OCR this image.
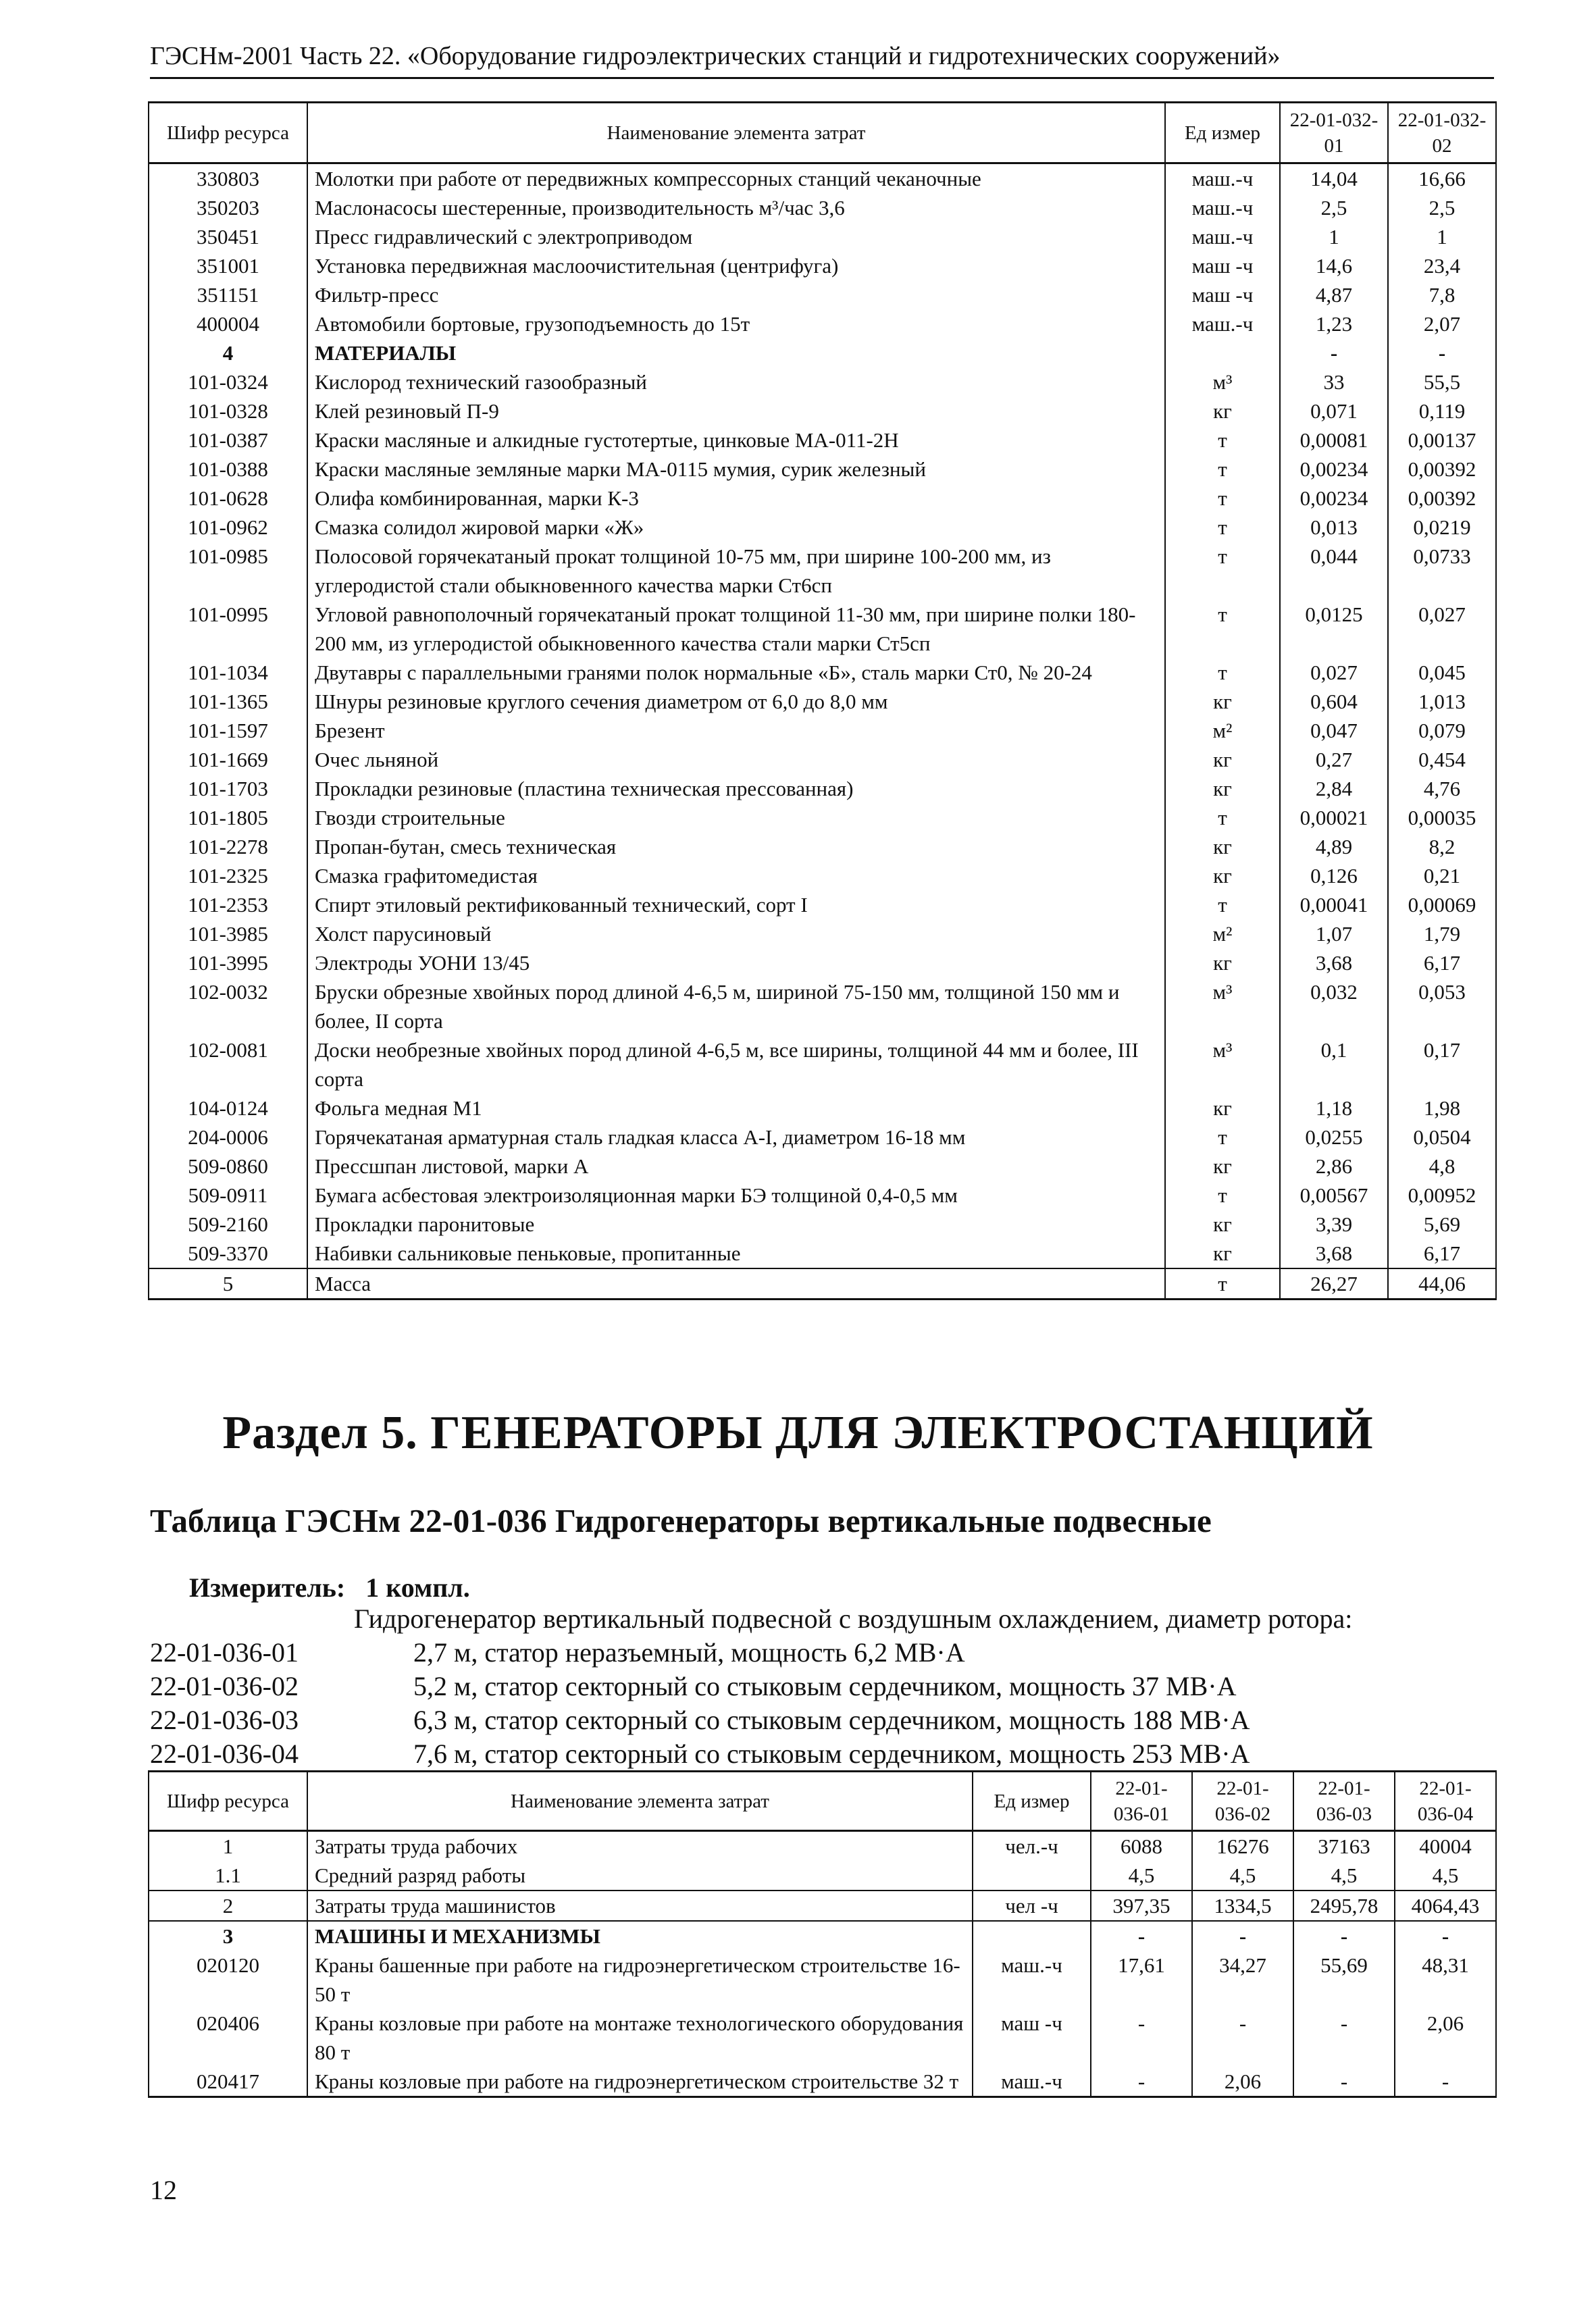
ГЭСНм-2001 Часть 22. «Оборудование гидроэлектрических станций и гидротехнических сооружений»
Шифр ресурса	Наименование элемента затрат	Ед измер	22-01-032-01	22-01-032-02
330803	Молотки при работе от передвижных компрессорных станций чеканочные	маш.-ч	14,04	16,66
350203	Маслонасосы шестеренные, производительность м³/час 3,6	маш.-ч	2,5	2,5
350451	Пресс гидравлический с электроприводом	маш.-ч	1	1
351001	Установка передвижная маслоочистительная (центрифуга)	маш -ч	14,6	23,4
351151	Фильтр-пресс	маш -ч	4,87	7,8
400004	Автомобили бортовые, грузоподъемность до 15т	маш.-ч	1,23	2,07
4	МАТЕРИАЛЫ		-	-
101-0324	Кислород технический газообразный	м³	33	55,5
101-0328	Клей резиновый П-9	кг	0,071	0,119
101-0387	Краски масляные и алкидные густотертые, цинковые МА-011-2Н	т	0,00081	0,00137
101-0388	Краски масляные земляные марки МА-0115 мумия, сурик железный	т	0,00234	0,00392
101-0628	Олифа комбинированная, марки К-3	т	0,00234	0,00392
101-0962	Смазка солидол жировой марки «Ж»	т	0,013	0,0219
101-0985	Полосовой горячекатаный прокат толщиной 10-75 мм, при ширине 100-200 мм, из углеродистой стали обыкновенного качества марки Ст6сп	т	0,044	0,0733
101-0995	Угловой равнополочный горячекатаный прокат толщиной 11-30 мм, при ширине полки 180-200 мм, из углеродистой обыкновенного качества стали марки Ст5сп	т	0,0125	0,027
101-1034	Двутавры с параллельными гранями полок нормальные «Б», сталь марки Ст0, № 20-24	т	0,027	0,045
101-1365	Шнуры резиновые круглого сечения диаметром от 6,0 до 8,0 мм	кг	0,604	1,013
101-1597	Брезент	м²	0,047	0,079
101-1669	Очес льняной	кг	0,27	0,454
101-1703	Прокладки резиновые (пластина техническая прессованная)	кг	2,84	4,76
101-1805	Гвозди строительные	т	0,00021	0,00035
101-2278	Пропан-бутан, смесь техническая	кг	4,89	8,2
101-2325	Смазка графитомедистая	кг	0,126	0,21
101-2353	Спирт этиловый ректификованный технический, сорт I	т	0,00041	0,00069
101-3985	Холст парусиновый	м²	1,07	1,79
101-3995	Электроды УОНИ 13/45	кг	3,68	6,17
102-0032	Бруски обрезные хвойных пород длиной 4-6,5 м, шириной 75-150 мм, толщиной 150 мм и более, II сорта	м³	0,032	0,053
102-0081	Доски необрезные хвойных пород длиной 4-6,5 м, все ширины, толщиной 44 мм и более, III сорта	м³	0,1	0,17
104-0124	Фольга медная М1	кг	1,18	1,98
204-0006	Горячекатаная арматурная сталь гладкая класса А-I, диаметром 16-18 мм	т	0,0255	0,0504
509-0860	Прессшпан листовой, марки А	кг	2,86	4,8
509-0911	Бумага асбестовая электроизоляционная марки БЭ толщиной 0,4-0,5 мм	т	0,00567	0,00952
509-2160	Прокладки паронитовые	кг	3,39	5,69
509-3370	Набивки сальниковые пеньковые, пропитанные	кг	3,68	6,17
5	Масса	т	26,27	44,06
Раздел 5. ГЕНЕРАТОРЫ ДЛЯ ЭЛЕКТРОСТАНЦИЙ
Таблица ГЭСНм 22-01-036 Гидрогенераторы вертикальные подвесные
Измеритель:   1 компл.
Гидрогенератор вертикальный подвесной с воздушным охлаждением, диаметр ротора:
22-01-036-01	2,7 м, статор неразъемный, мощность 6,2 МВ·А
22-01-036-02	5,2 м, статор секторный со стыковым сердечником, мощность 37 МВ·А
22-01-036-03	6,3 м, статор секторный со стыковым сердечником, мощность 188 МВ·А
22-01-036-04	7,6 м, статор секторный со стыковым сердечником, мощность 253 МВ·А
Шифр ресурса	Наименование элемента затрат	Ед измер	22-01-036-01	22-01-036-02	22-01-036-03	22-01-036-04
1	Затраты труда рабочих	чел.-ч	6088	16276	37163	40004
1.1	Средний разряд работы		4,5	4,5	4,5	4,5
2	Затраты труда машинистов	чел -ч	397,35	1334,5	2495,78	4064,43
3	МАШИНЫ И МЕХАНИЗМЫ		-	-	-	-
020120	Краны башенные при работе на гидроэнергетическом строительстве 16-50 т	маш.-ч	17,61	34,27	55,69	48,31
020406	Краны козловые при работе на монтаже технологического оборудования 80 т	маш -ч	-	-	-	2,06
020417	Краны козловые при работе на гидроэнергетическом строительстве 32 т	маш.-ч	-	2,06	-	-
12
